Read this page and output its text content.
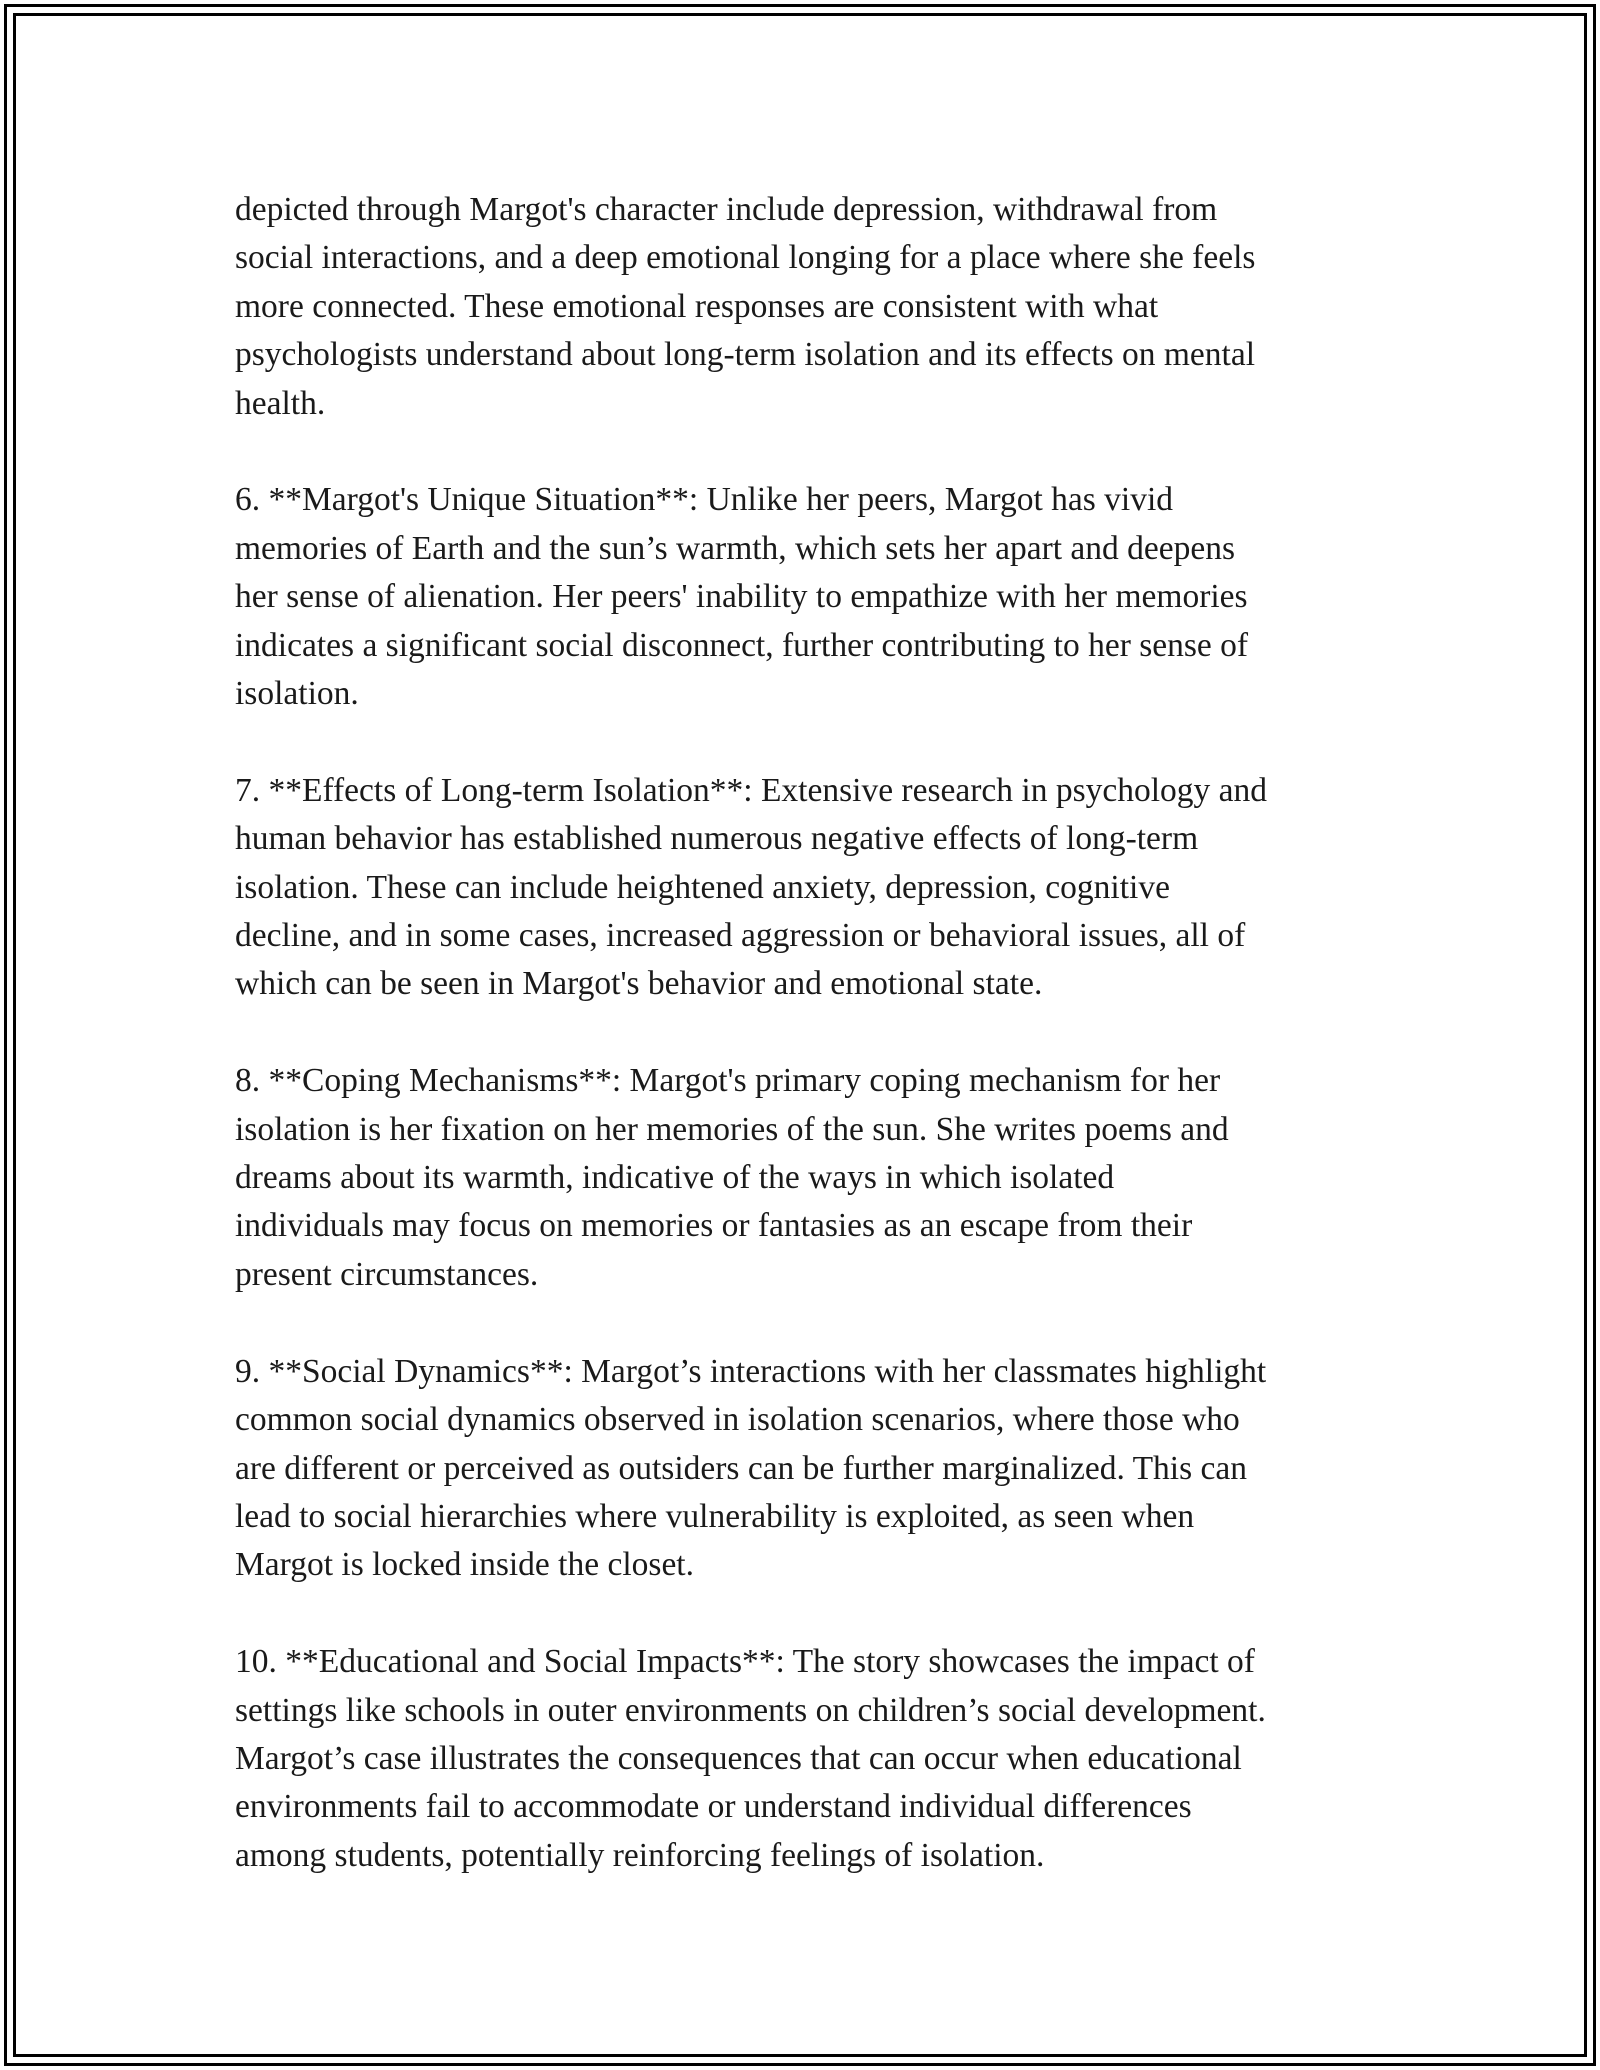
depicted through Margot's character include depression, withdrawal from
social interactions, and a deep emotional longing for a place where she feels
more connected. These emotional responses are consistent with what
psychologists understand about long-term isolation and its effects on mental
health.

6. **Margot's Unique Situation**: Unlike her peers, Margot has vivid
memories of Earth and the sun’s warmth, which sets her apart and deepens
her sense of alienation. Her peers' inability to empathize with her memories
indicates a significant social disconnect, further contributing to her sense of
isolation.

7. **Effects of Long-term Isolation**: Extensive research in psychology and
human behavior has established numerous negative effects of long-term
isolation. These can include heightened anxiety, depression, cognitive
decline, and in some cases, increased aggression or behavioral issues, all of
which can be seen in Margot's behavior and emotional state.

8. **Coping Mechanisms**: Margot's primary coping mechanism for her
isolation is her fixation on her memories of the sun. She writes poems and
dreams about its warmth, indicative of the ways in which isolated
individuals may focus on memories or fantasies as an escape from their
present circumstances.

9. **Social Dynamics**: Margot’s interactions with her classmates highlight
common social dynamics observed in isolation scenarios, where those who
are different or perceived as outsiders can be further marginalized. This can
lead to social hierarchies where vulnerability is exploited, as seen when
Margot is locked inside the closet.

10. **Educational and Social Impacts**: The story showcases the impact of
settings like schools in outer environments on children’s social development.
Margot’s case illustrates the consequences that can occur when educational
environments fail to accommodate or understand individual differences
among students, potentially reinforcing feelings of isolation.
